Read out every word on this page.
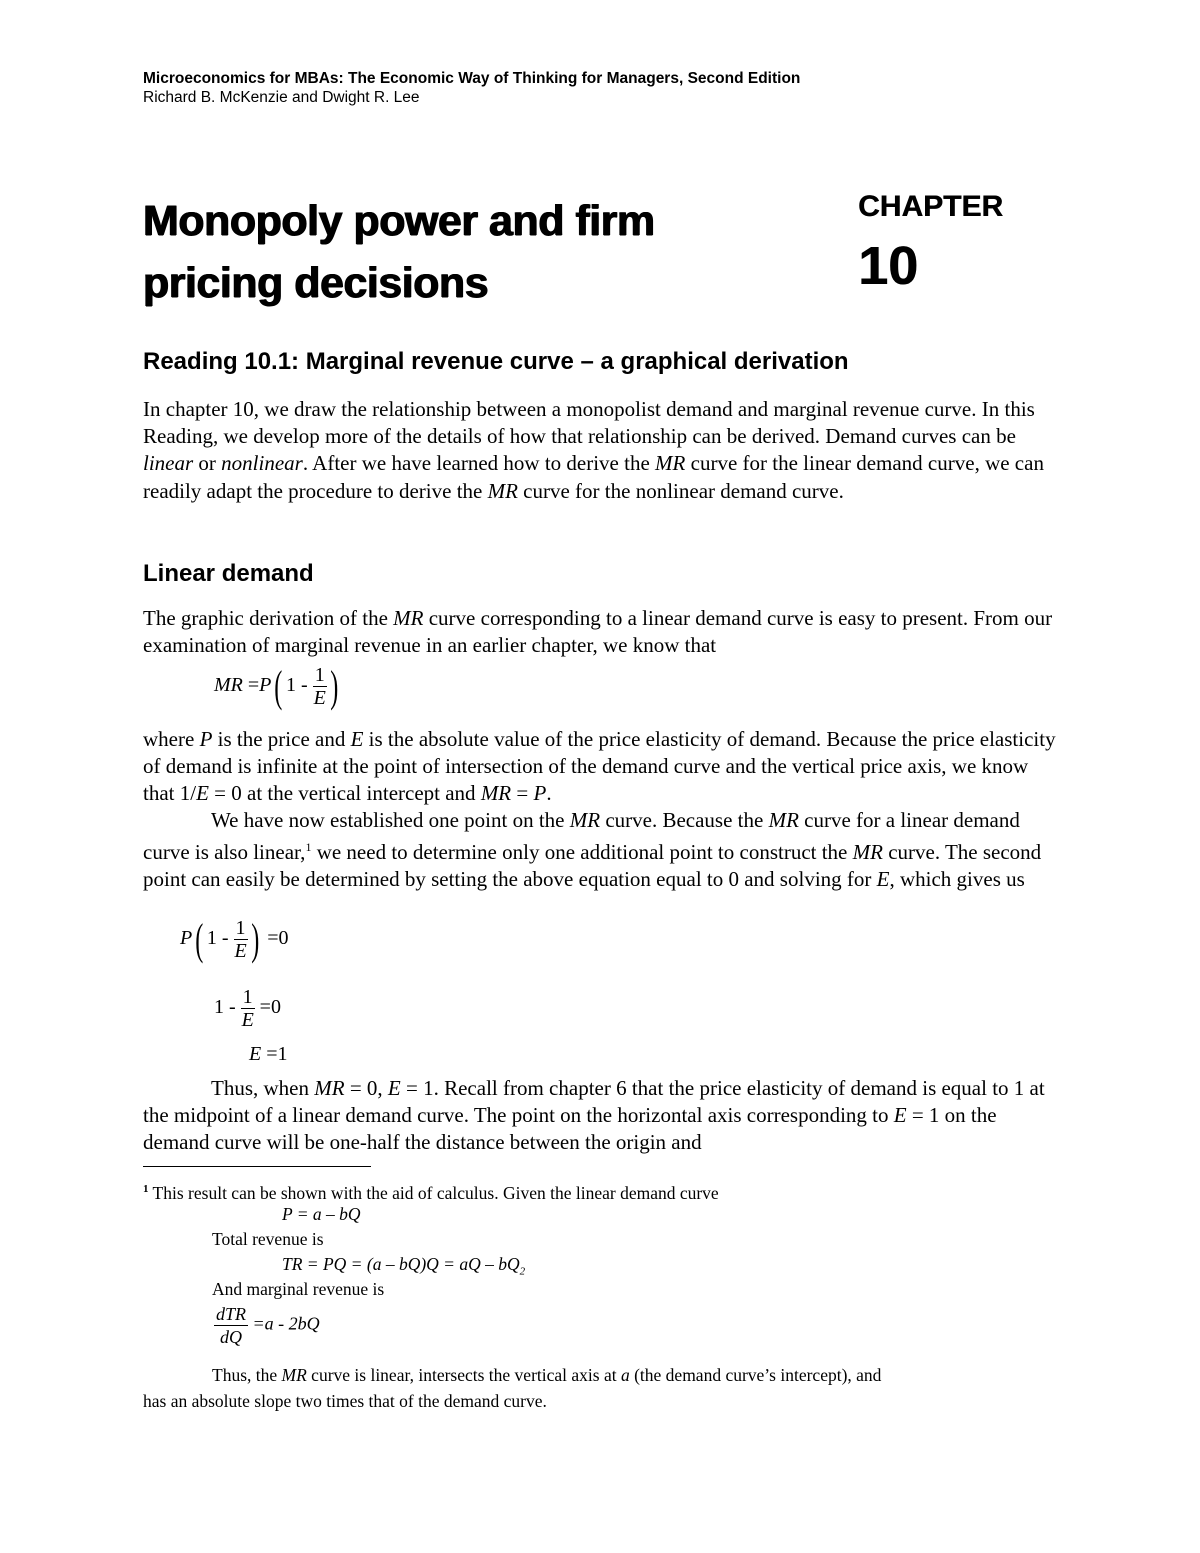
Microeconomics for MBAs: The Economic Way of Thinking for Managers, Second Edition
Richard B. McKenzie and Dwight R. Lee
Monopoly power and firm
pricing decisions
CHAPTER
10
Reading 10.1: Marginal revenue curve – a graphical derivation

In chapter 10, we draw the relationship between a monopolist demand and marginal revenue curve. In this Reading, we develop more of the details of how that relationship can be derived. Demand curves can be linear or nonlinear. After we have learned how to derive the MR curve for the linear demand curve, we can readily adapt the procedure to derive the MR curve for the nonlinear demand curve.

Linear demand

The graphic derivation of the MR curve corresponding to a linear demand curve is easy to present. From our examination of marginal revenue in an earlier chapter, we know that

MR =P( $1 - \frac{1}{E}$ )

where P is the price and E is the absolute value of the price elasticity of demand. Because the price elasticity of demand is infinite at the point of intersection of the demand curve and the vertical price axis, we know that 1/E = 0 at the vertical intercept and MR = P.

We have now established one point on the MR curve. Because the MR curve for a linear demand curve is also linear,$^1$ we need to determine only one additional point to construct the MR curve. The second point can easily be determined by setting the above equation equal to 0 and solving for E, which gives us

P( $1 - \frac{1}{E}$ ) =0
$1 - \frac{1}{E} =0$
E =1

Thus, when MR = 0, E = 1. Recall from chapter 6 that the price elasticity of demand is equal to 1 at the midpoint of a linear demand curve. The point on the horizontal axis corresponding to E = 1 on the demand curve will be one-half the distance between the origin and

$^1$ This result can be shown with the aid of calculus. Given the linear demand curve
P = a – bQ
Total revenue is
TR = PQ = (a – bQ)Q = aQ – $bQ_2$
And marginal revenue is
$\frac{\text{dTR}}{dQ} =a - 2bQ$
Thus, the MR curve is linear, intersects the vertical axis at a (the demand curve’s intercept), and
has an absolute slope two times that of the demand curve.
